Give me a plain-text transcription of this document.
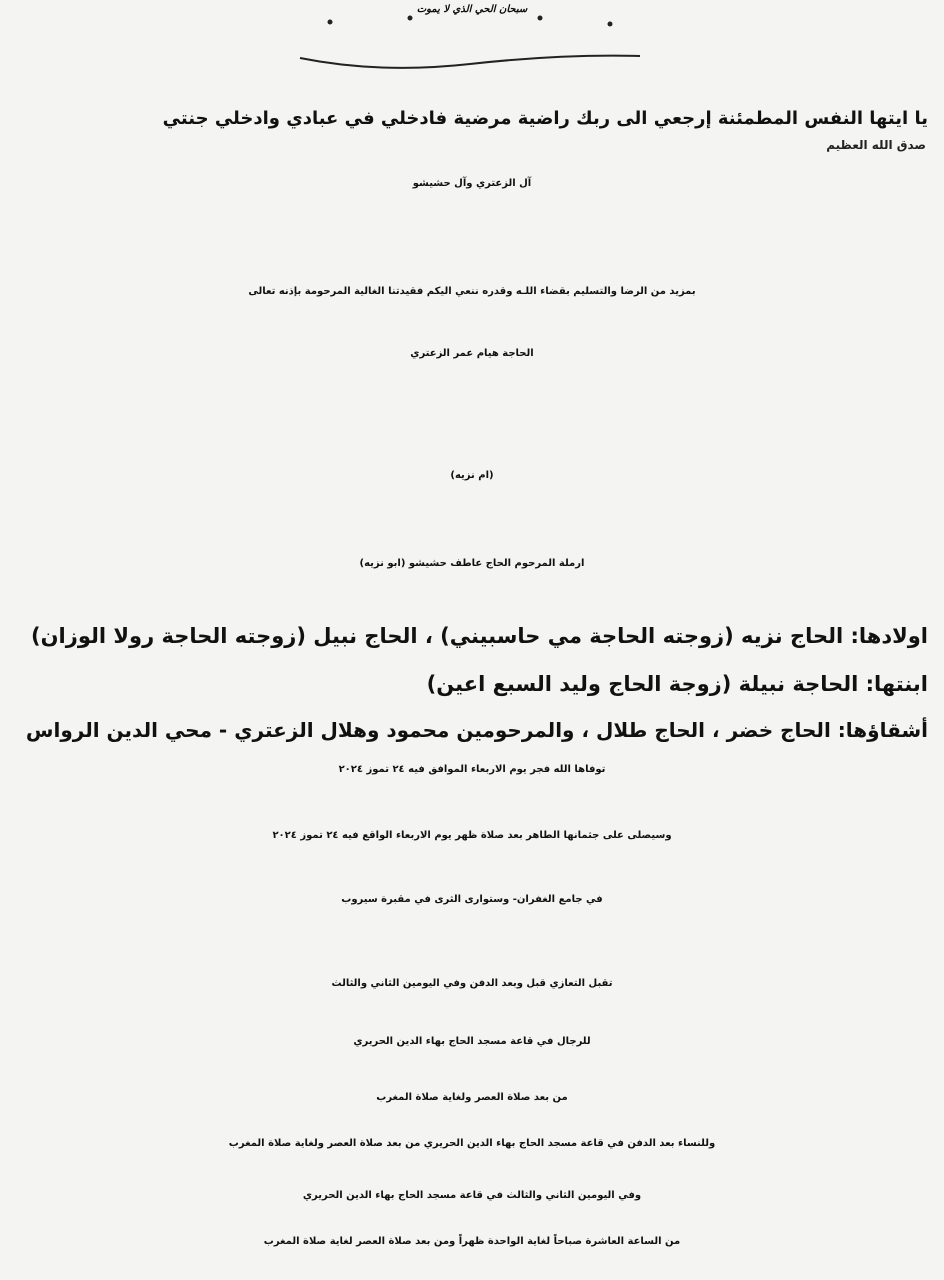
سبحان الحي الذي لا يموت
يا ايتها النفس المطمئنة إرجعي الى ربك راضية مرضية فادخلي في عبادي وادخلي جنتي
صدق الله العظيم
آل الزعتري وآل حشيشو
بمزيد من الرضا والتسليم بقضاء اللـه وقدره ننعي اليكم فقيدتنا الغالية المرحومة بإذنه تعالى
الحاجة هيام عمر الزعتري
(ام نزيه)
ارملة المرحوم الحاج عاطف حشيشو (ابو نزيه)
اولادها: الحاج نزيه (زوجته الحاجة مي حاسبيني) ، الحاج نبيل (زوجته الحاجة رولا الوزان)
ابنتها: الحاجة نبيلة (زوجة الحاج وليد السبع اعين)
أشقاؤها: الحاج خضر ، الحاج طلال ، والمرحومين محمود وهلال الزعتري - محي الدين الرواس
توفاها الله فجر يوم الاربعاء الموافق فيه ٢٤ تموز ٢٠٢٤
وسيصلى على جثمانها الطاهر بعد صلاة ظهر يوم الاربعاء الواقع فيه ٢٤ تموز ٢٠٢٤
في جامع الغفران- وستوارى الثرى في مقبرة سيروب
تقبل التعازي قبل وبعد الدفن وفي اليومين الثاني والثالث
للرجال في قاعة مسجد الحاج بهاء الدين الحريري
من بعد صلاة العصر ولغاية صلاة المغرب
وللنساء بعد الدفن في قاعة مسجد الحاج بهاء الدين الحريري من بعد صلاة العصر ولغاية صلاة المغرب
وفي اليومين الثاني والثالث في قاعة مسجد الحاج بهاء الدين الحريري
من الساعة العاشرة صباحاً لغاية الواحدة ظهراً ومن بعد صلاة العصر لغاية صلاة المغرب
